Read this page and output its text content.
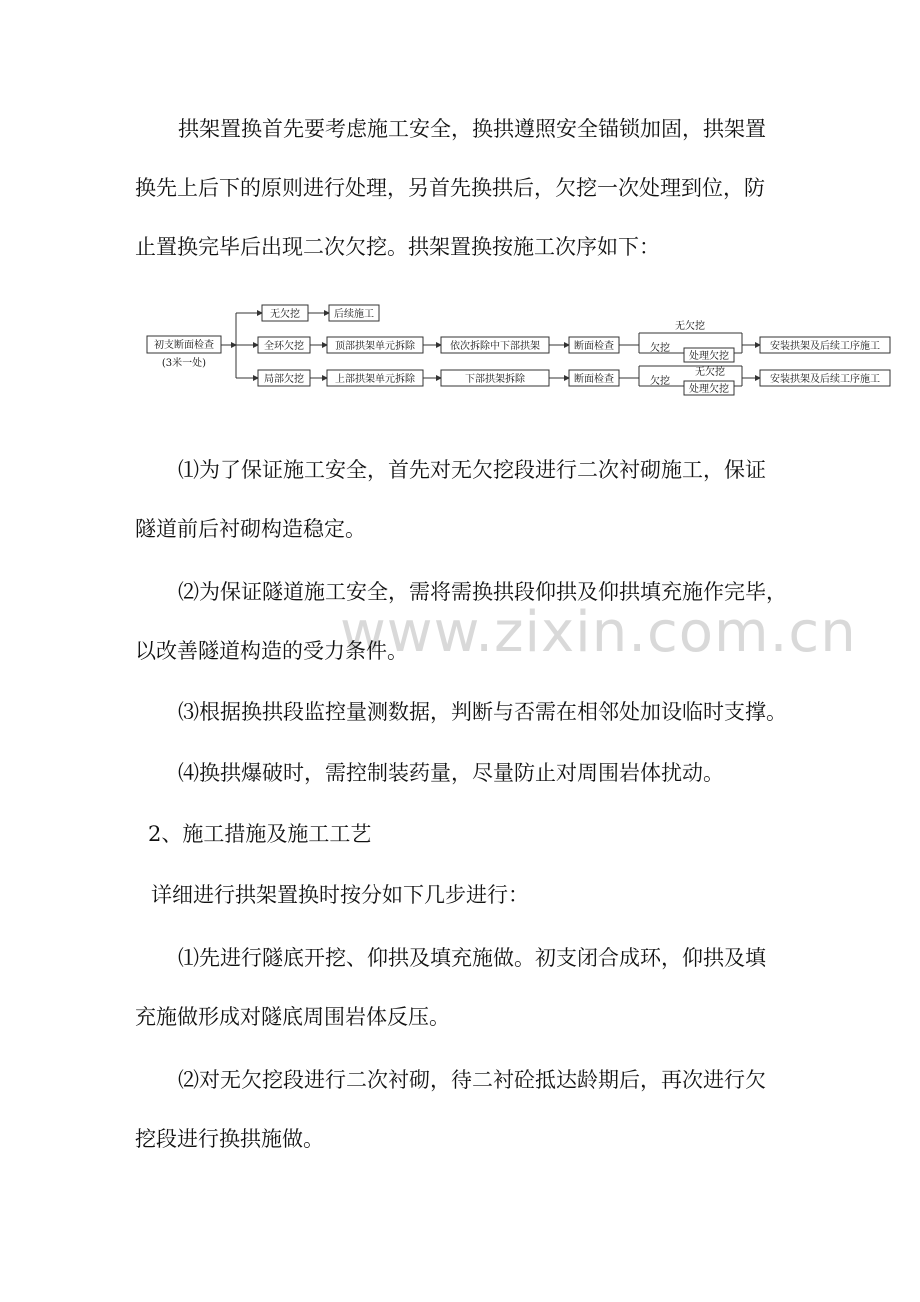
www.zixin.com.cn

拱架置换首先要考虑施工安全，换拱遵照安全锚锁加固，拱架置

换先上后下的原则进行处理，另首先换拱后，欠挖一次处理到位，防

止置换完毕后出现二次欠挖。拱架置换按施工次序如下：

初支断面检查
(3米一处)
无欠挖	后续施工
全环欠挖	顶部拱架单元拆除	依次拆除中下部拱架	断面检查
无欠挖
欠挖
处理欠挖
安装拱架及后续工序施工
局部欠挖	上部拱架单元拆除	下部拱架拆除	断面检查
无欠挖
欠挖
处理欠挖
安装拱架及后续工序施工

⑴为了保证施工安全，首先对无欠挖段进行二次衬砌施工，保证

隧道前后衬砌构造稳定。

⑵为保证隧道施工安全，需将需换拱段仰拱及仰拱填充施作完毕，

以改善隧道构造的受力条件。

⑶根据换拱段监控量测数据，判断与否需在相邻处加设临时支撑。

⑷换拱爆破时，需控制装药量，尽量防止对周围岩体扰动。

2、施工措施及施工工艺

详细进行拱架置换时按分如下几步进行：

⑴先进行隧底开挖、仰拱及填充施做。初支闭合成环，仰拱及填

充施做形成对隧底周围岩体反压。

⑵对无欠挖段进行二次衬砌，待二衬砼抵达龄期后，再次进行欠

挖段进行换拱施做。
